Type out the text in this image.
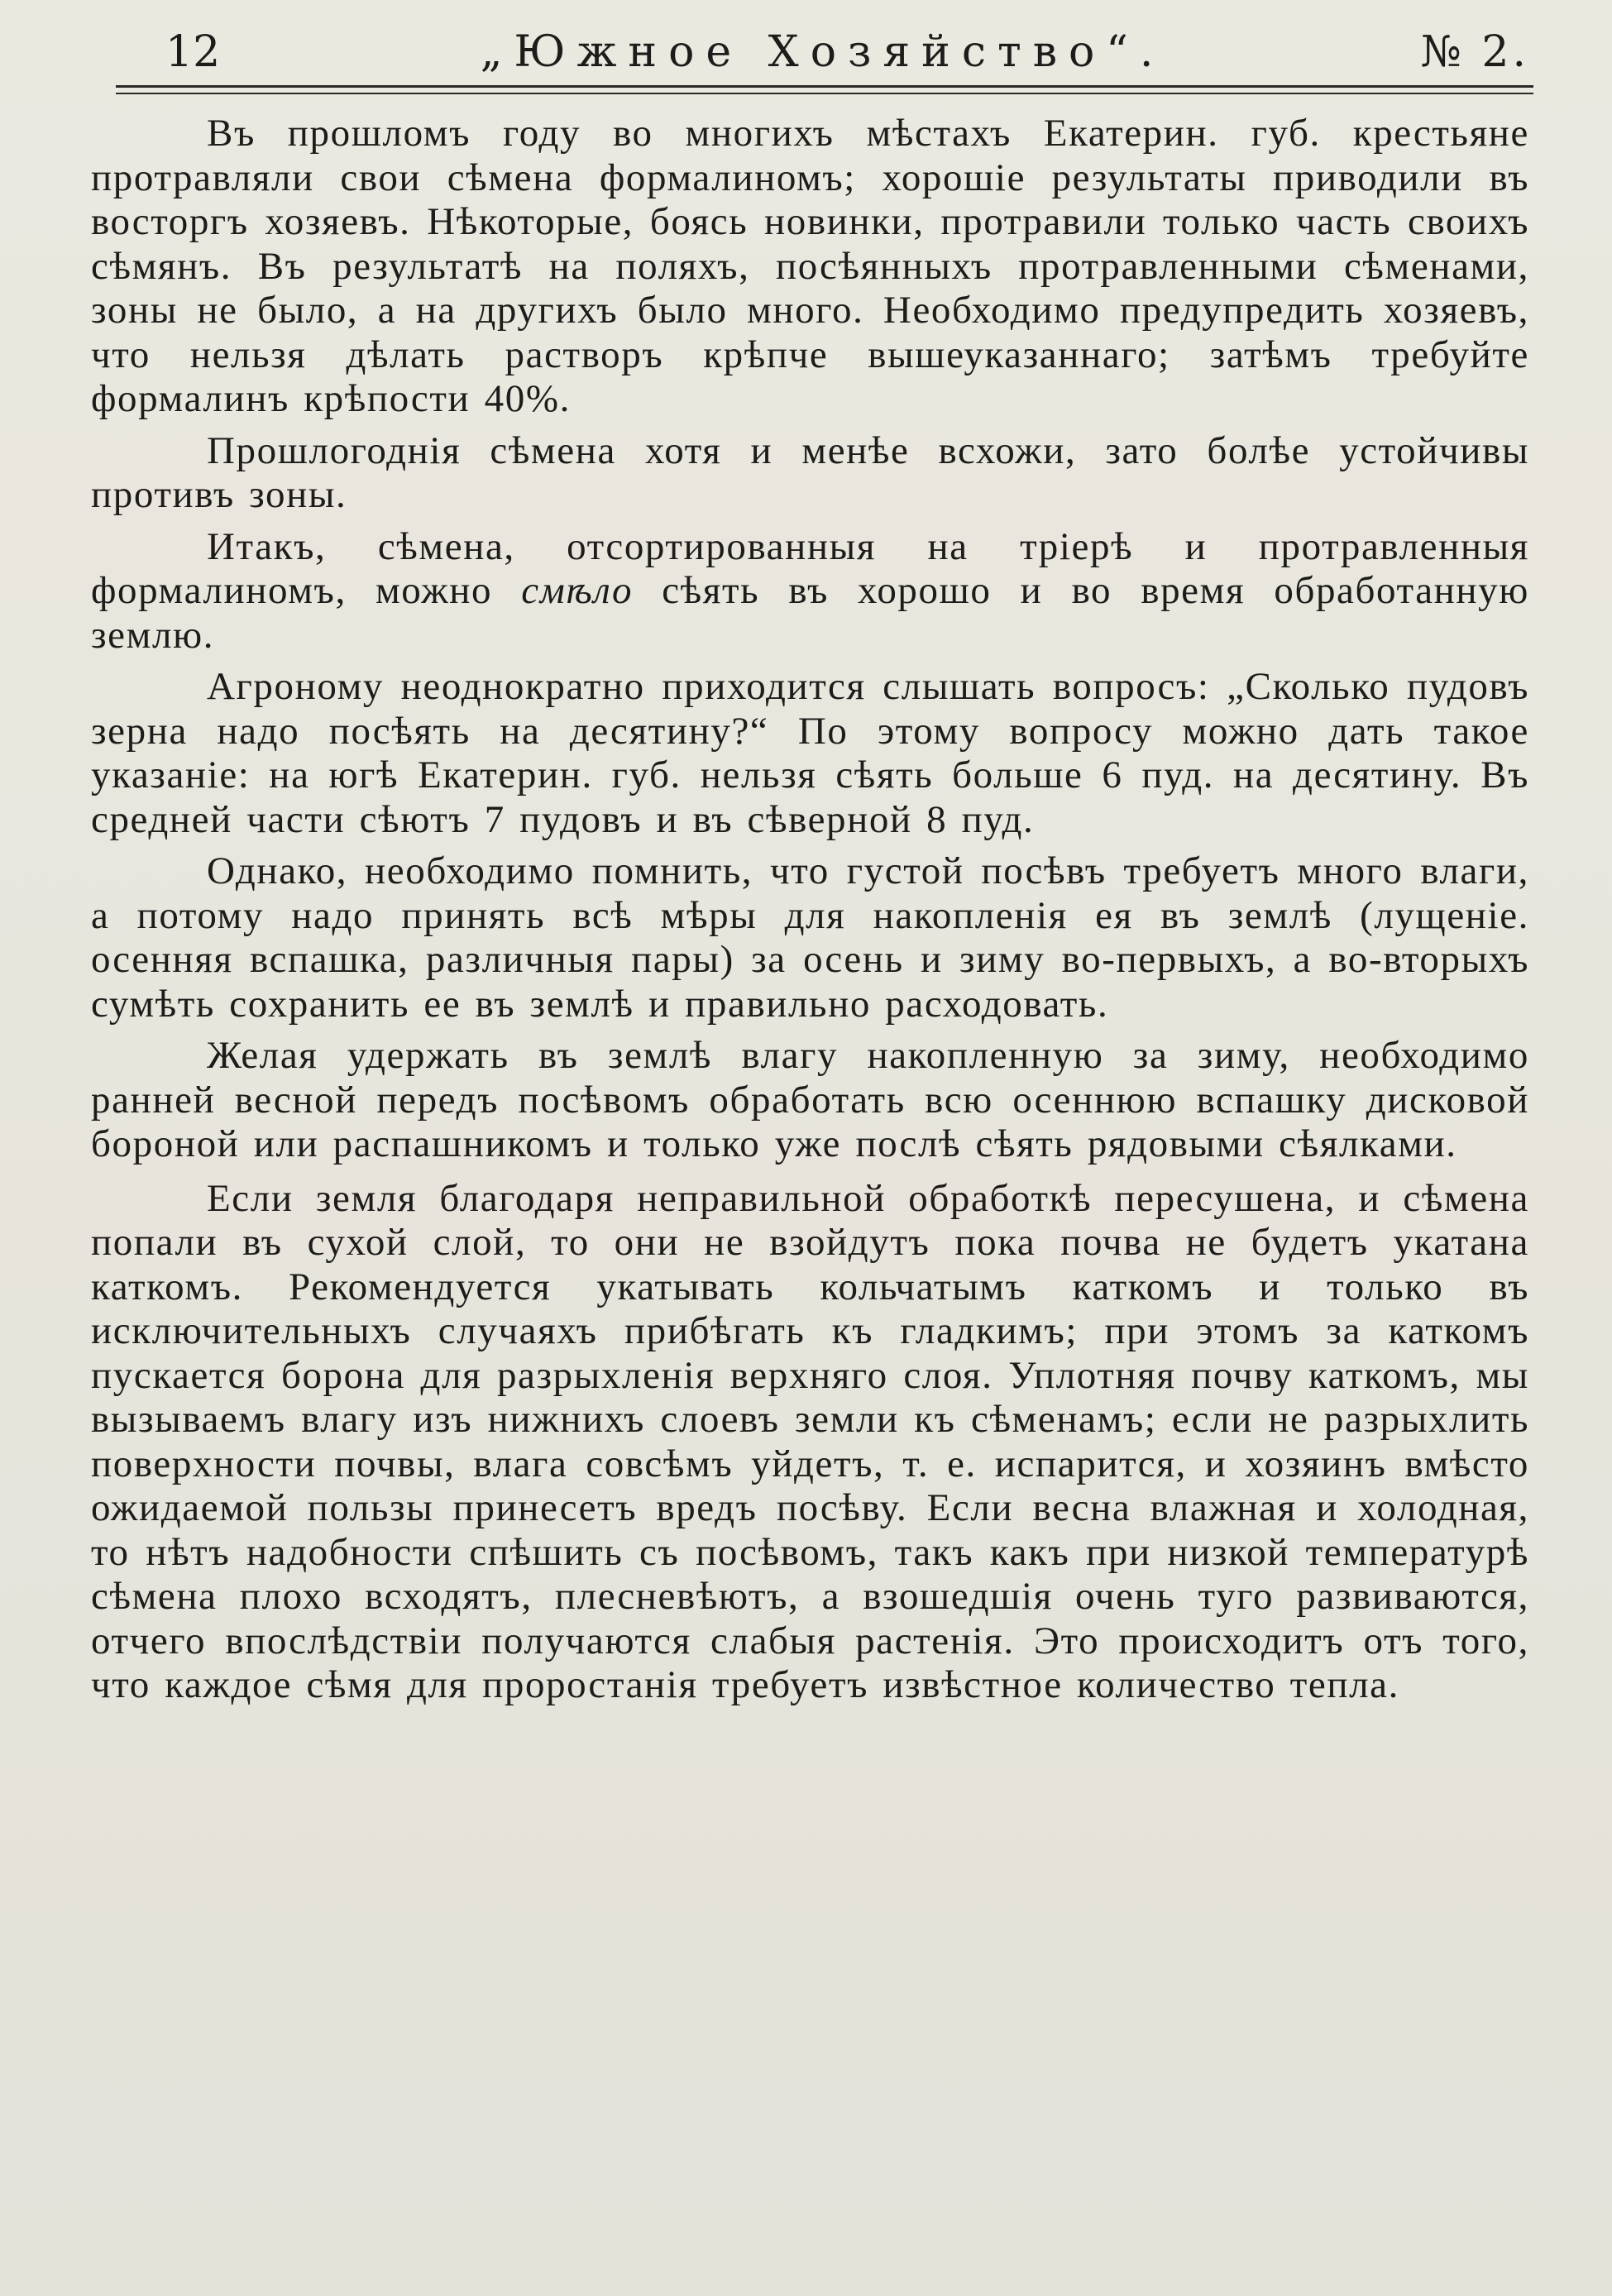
12	„Южное Хозяйство“.	№ 2.

Въ прошломъ году во многихъ мѣстахъ Екатерин. губ. крестьяне протравляли свои сѣмена формалиномъ; хорошіе результаты приводили въ восторгъ хозяевъ. Нѣкоторые, боясь новинки, протравили только часть своихъ сѣмянъ. Въ результатѣ на поляхъ, посѣянныхъ протравленными сѣменами, зоны не было, а на другихъ было много. Необходимо предупредить хозяевъ, что нельзя дѣлать растворъ крѣпче вышеуказаннаго; затѣмъ требуйте формалинъ крѣпости 40%.

Прошлогоднія сѣмена хотя и менѣе всхожи, зато болѣе устойчивы противъ зоны.

Итакъ, сѣмена, отсортированныя на тріерѣ и протравленныя формалиномъ, можно смѣло сѣять въ хорошо и во время обработанную землю.

Агроному неоднократно приходится слышать вопросъ: „Сколько пудовъ зерна надо посѣять на десятину?“ По этому вопросу можно дать такое указаніе: на югѣ Екатерин. губ. нельзя сѣять больше 6 пуд. на десятину. Въ средней части сѣютъ 7 пудовъ и въ сѣверной 8 пуд.

Однако, необходимо помнить, что густой посѣвъ требуетъ много влаги, а потому надо принять всѣ мѣры для накопленія ея въ землѣ (лущеніе. осенняя вспашка, различныя пары) за осень и зиму во-первыхъ, а во-вторыхъ сумѣть сохранить ее въ землѣ и правильно расходовать.

Желая удержать въ землѣ влагу накопленную за зиму, необходимо ранней весной передъ посѣвомъ обработать всю осеннюю вспашку дисковой бороной или распашникомъ и только уже послѣ сѣять рядовыми сѣялками.

Если земля благодаря неправильной обработкѣ пересушена, и сѣмена попали въ сухой слой, то они не взойдутъ пока почва не будетъ укатана каткомъ. Рекомендуется укатывать кольчатымъ каткомъ и только въ исключительныхъ случаяхъ прибѣгать къ гладкимъ; при этомъ за каткомъ пускается борона для разрыхленія верхняго слоя. Уплотняя почву каткомъ, мы вызываемъ влагу изъ нижнихъ слоевъ земли къ сѣменамъ; если не разрыхлить поверхности почвы, влага совсѣмъ уйдетъ, т. е. испарится, и хозяинъ вмѣсто ожидаемой пользы принесетъ вредъ посѣву. Если весна влажная и холодная, то нѣтъ надобности спѣшить съ посѣвомъ, такъ какъ при низкой температурѣ сѣмена плохо всходятъ, плесневѣютъ, а взошедшія очень туго развиваются, отчего впослѣдствіи получаются слабыя растенія. Это происходитъ отъ того, что каждое сѣмя для проростанія требуетъ извѣстное количество тепла.
